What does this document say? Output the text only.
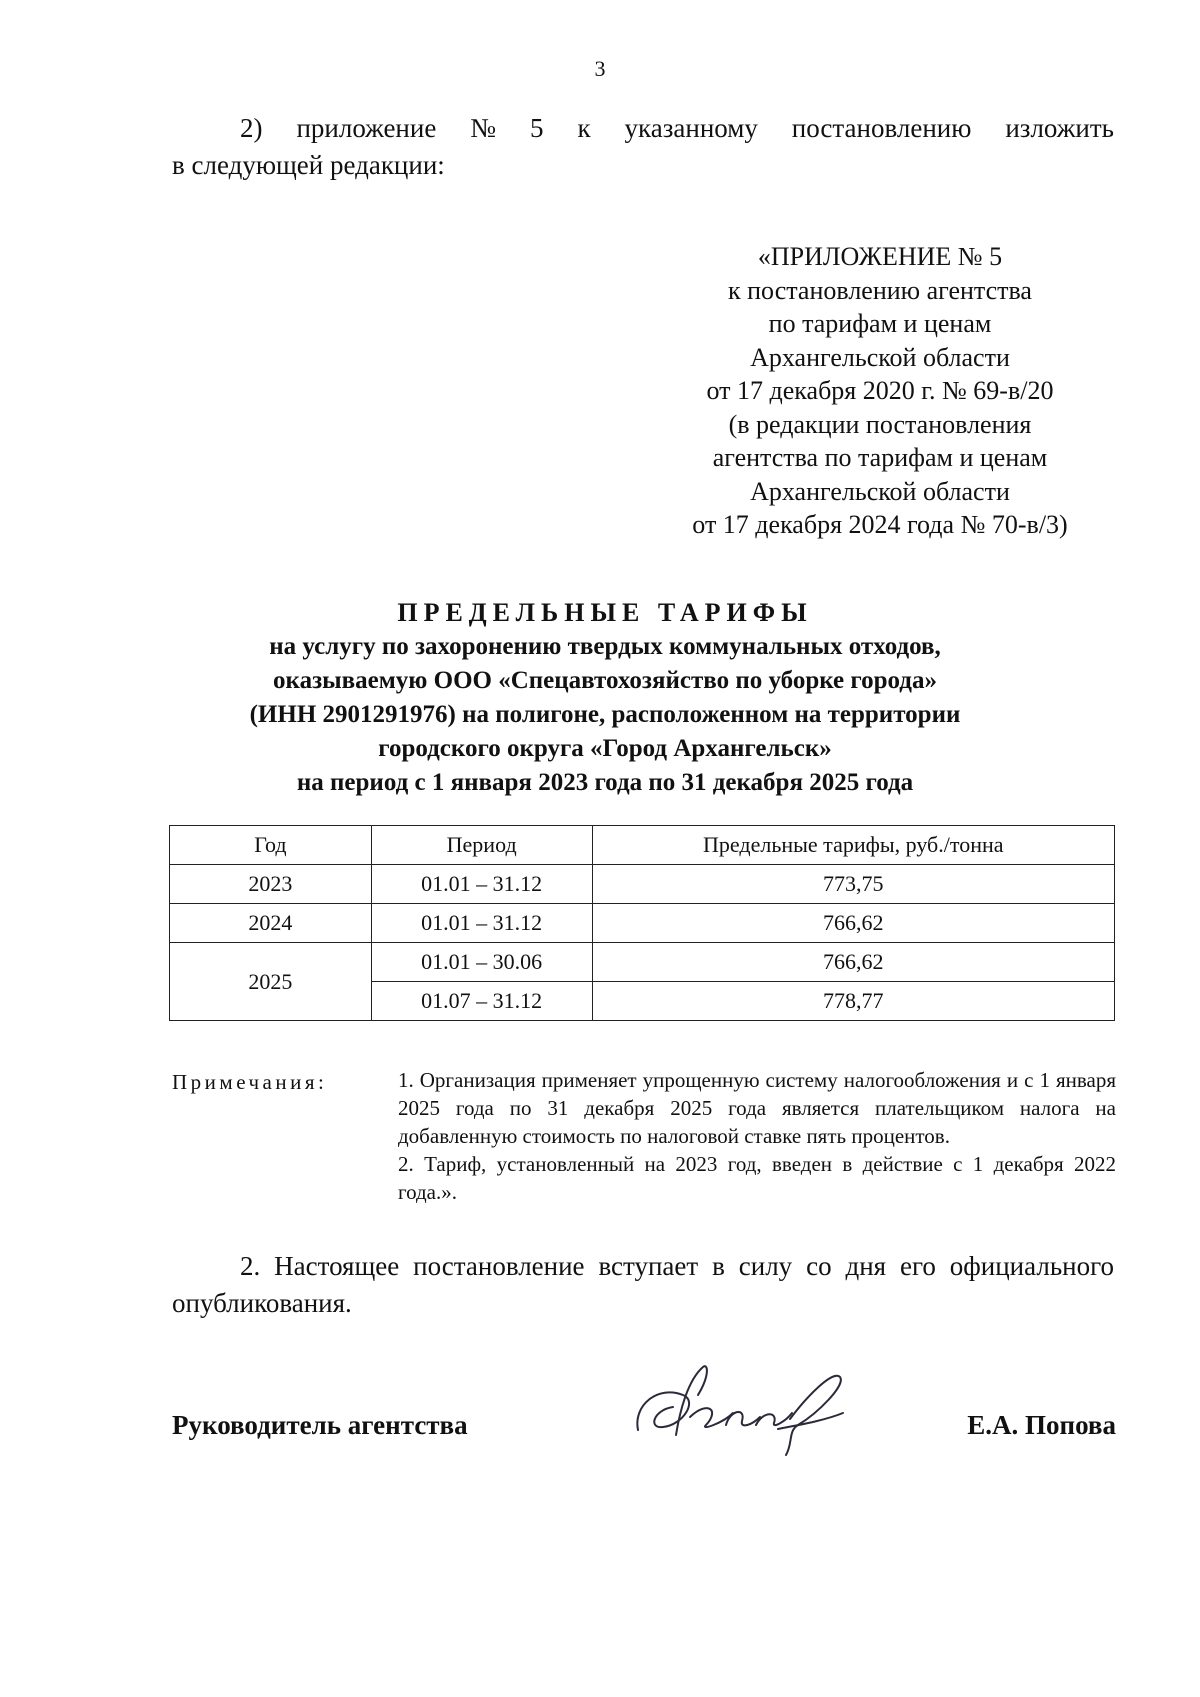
3
2) приложение № 5 к указанному постановлению изложить
в следующей редакции:
«ПРИЛОЖЕНИЕ № 5
к постановлению агентства
по тарифам и ценам
Архангельской области
от 17 декабря 2020 г. № 69-в/20
(в редакции постановления
агентства по тарифам и ценам
Архангельской области
от 17 декабря 2024 года № 70-в/3)
ПРЕДЕЛЬНЫЕ ТАРИФЫ
на услугу по захоронению твердых коммунальных отходов,
оказываемую ООО «Спецавтохозяйство по уборке города»
(ИНН 2901291976) на полигоне, расположенном на территории
городского округа «Город Архангельск»
на период с 1 января 2023 года по 31 декабря 2025 года
Год	Период	Предельные тарифы, руб./тонна
2023	01.01 – 31.12	773,75
2024	01.01 – 31.12	766,62
2025	01.01 – 30.06	766,62
	01.07 – 31.12	778,77
Примечания:	1. Организация применяет упрощенную систему налогообложения и с 1 января 2025 года по 31 декабря 2025 года является плательщиком налога на добавленную стоимость по налоговой ставке пять процентов.

2. Тариф, установленный на 2023 год, введен в действие с 1 декабря 2022 года.».

2. Настоящее постановление вступает в силу со дня его официального опубликования.
Руководитель агентства	Е.А. Попова
